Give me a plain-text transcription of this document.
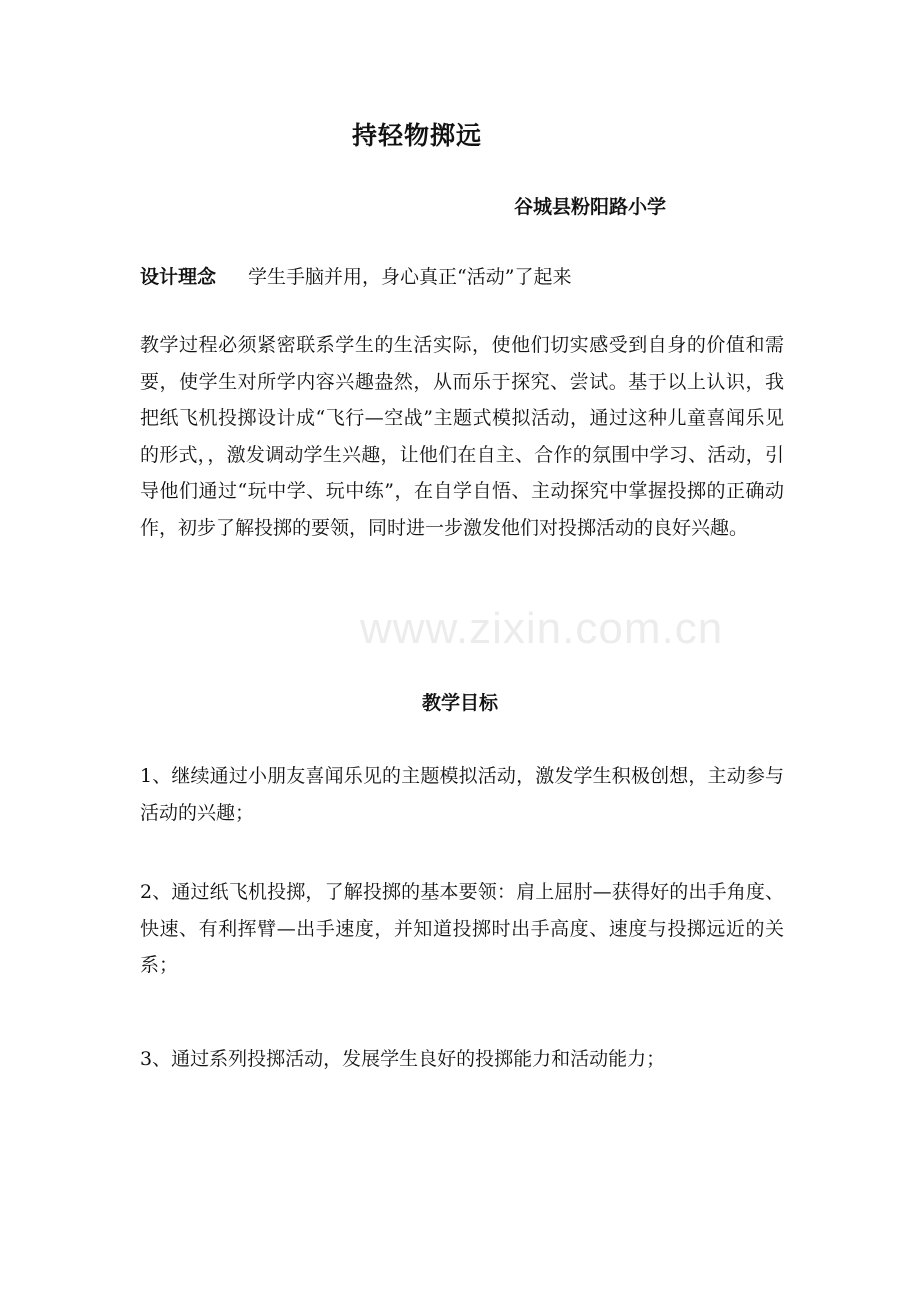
持轻物掷远
谷城县粉阳路小学
设计理念 学生手脑并用，身心真正“活动”了起来

教学过程必须紧密联系学生的生活实际，使他们切实感受到自身的价值和需要，使学生对所学内容兴趣盎然，从而乐于探究、尝试。基于以上认识，我把纸飞机投掷设计成“飞行—空战”主题式模拟活动，通过这种儿童喜闻乐见的形式，，激发调动学生兴趣，让他们在自主、合作的氛围中学习、活动，引导他们通过“玩中学、玩中练”，在自学自悟、主动探究中掌握投掷的正确动作，初步了解投掷的要领，同时进一步激发他们对投掷活动的良好兴趣。

www.zixin.com.cn
教学目标

1、继续通过小朋友喜闻乐见的主题模拟活动，激发学生积极创想，主动参与活动的兴趣；

2、通过纸飞机投掷，了解投掷的基本要领：肩上屈肘—获得好的出手角度、快速、有利挥臂—出手速度，并知道投掷时出手高度、速度与投掷远近的关系；

3、通过系列投掷活动，发展学生良好的投掷能力和活动能力；
